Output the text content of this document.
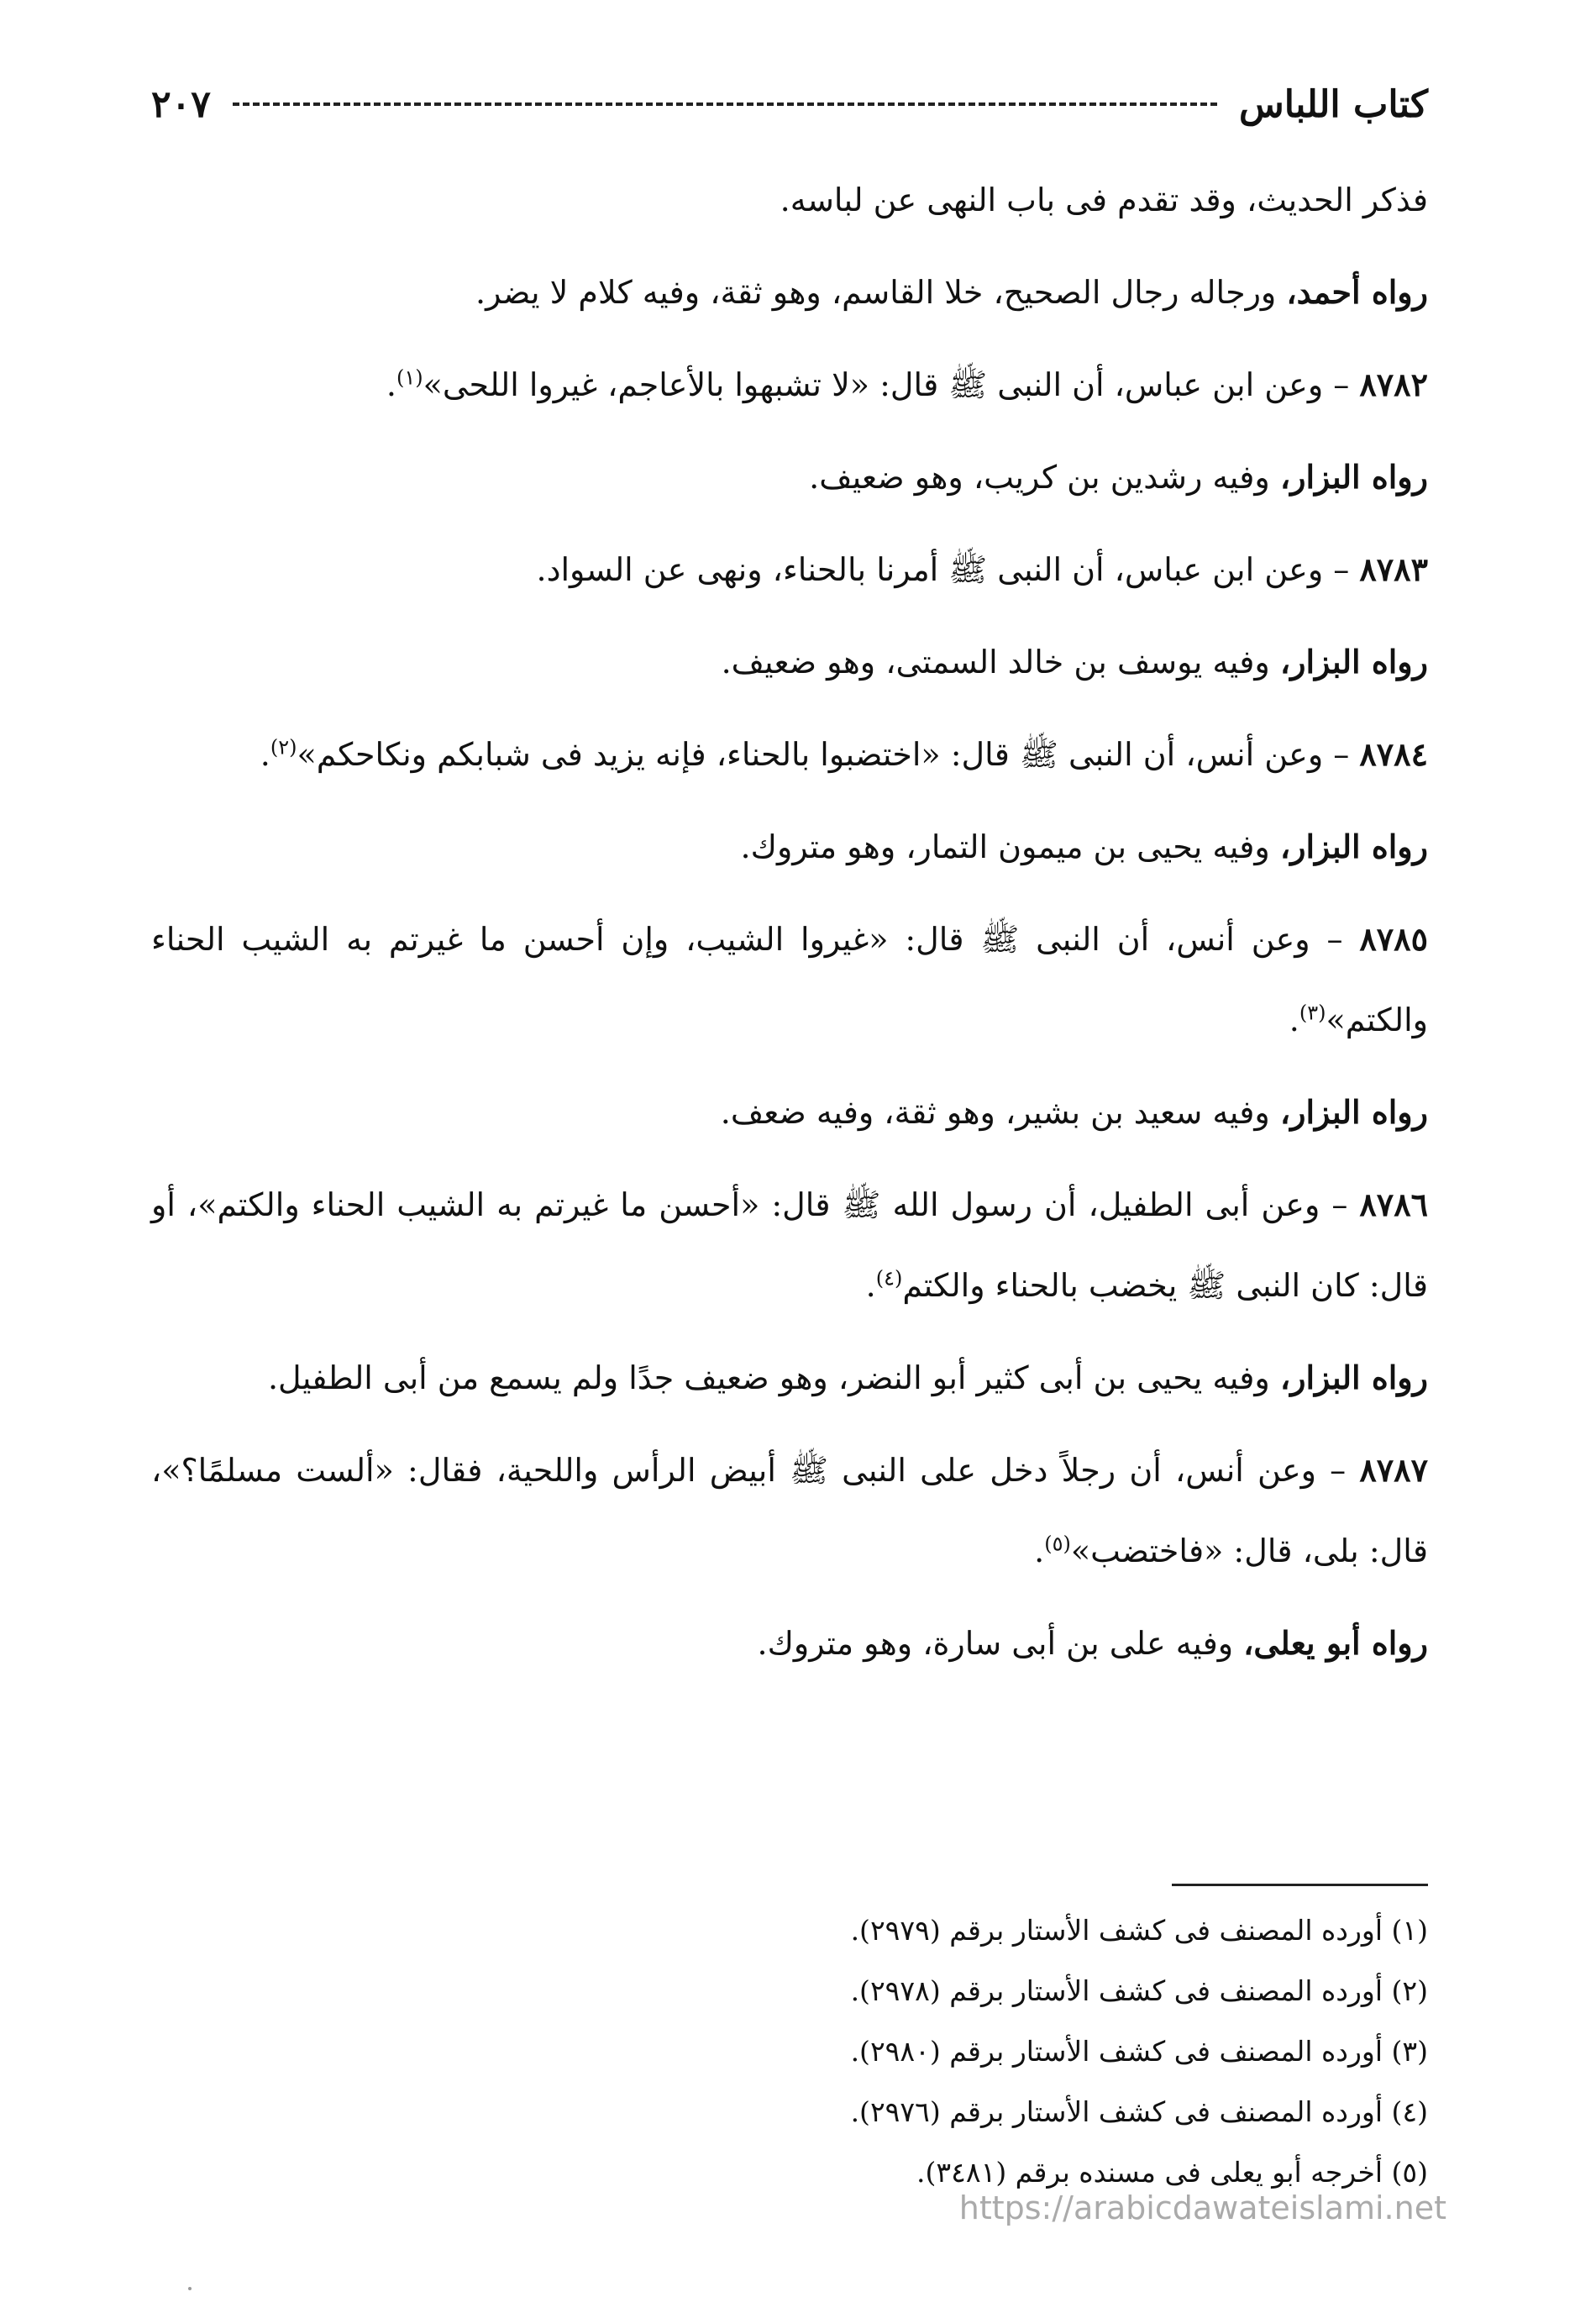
كتاب اللباس
٢٠٧

فذكر الحديث، وقد تقدم فى باب النهى عن لباسه.

رواه أحمد، ورجاله رجال الصحيح، خلا القاسم، وهو ثقة، وفيه كلام لا يضر.

٨٧٨٢ – وعن ابن عباس، أن النبى ﷺ قال: «لا تشبهوا بالأعاجم، غيروا اللحى»$^{(١)}$.

رواه البزار، وفيه رشدين بن كريب، وهو ضعيف.

٨٧٨٣ – وعن ابن عباس، أن النبى ﷺ أمرنا بالحناء، ونهى عن السواد.

رواه البزار، وفيه يوسف بن خالد السمتى، وهو ضعيف.

٨٧٨٤ – وعن أنس، أن النبى ﷺ قال: «اختضبوا بالحناء، فإنه يزيد فى شبابكم ونكاحكم»$^{(٢)}$.

رواه البزار، وفيه يحيى بن ميمون التمار، وهو متروك.

٨٧٨٥ – وعن أنس، أن النبى ﷺ قال: «غيروا الشيب، وإن أحسن ما غيرتم به الشيب الحناء والكتم»$^{(٣)}$.

رواه البزار، وفيه سعيد بن بشير، وهو ثقة، وفيه ضعف.

٨٧٨٦ – وعن أبى الطفيل، أن رسول الله ﷺ قال: «أحسن ما غيرتم به الشيب الحناء والكتم»، أو قال: كان النبى ﷺ يخضب بالحناء والكتم$^{(٤)}$.

رواه البزار، وفيه يحيى بن أبى كثير أبو النضر، وهو ضعيف جدًا ولم يسمع من أبى الطفيل.

٨٧٨٧ – وعن أنس، أن رجلاً دخل على النبى ﷺ أبيض الرأس واللحية، فقال: «ألست مسلمًا؟»، قال: بلى، قال: «فاختضب»$^{(٥)}$.

رواه أبو يعلى، وفيه على بن أبى سارة، وهو متروك.

(١) أورده المصنف فى كشف الأستار برقم (٢٩٧٩).
(٢) أورده المصنف فى كشف الأستار برقم (٢٩٧٨).
(٣) أورده المصنف فى كشف الأستار برقم (٢٩٨٠).
(٤) أورده المصنف فى كشف الأستار برقم (٢٩٧٦).
(٥) أخرجه أبو يعلى فى مسنده برقم (٣٤٨١).
https://arabicdawateislami.net
